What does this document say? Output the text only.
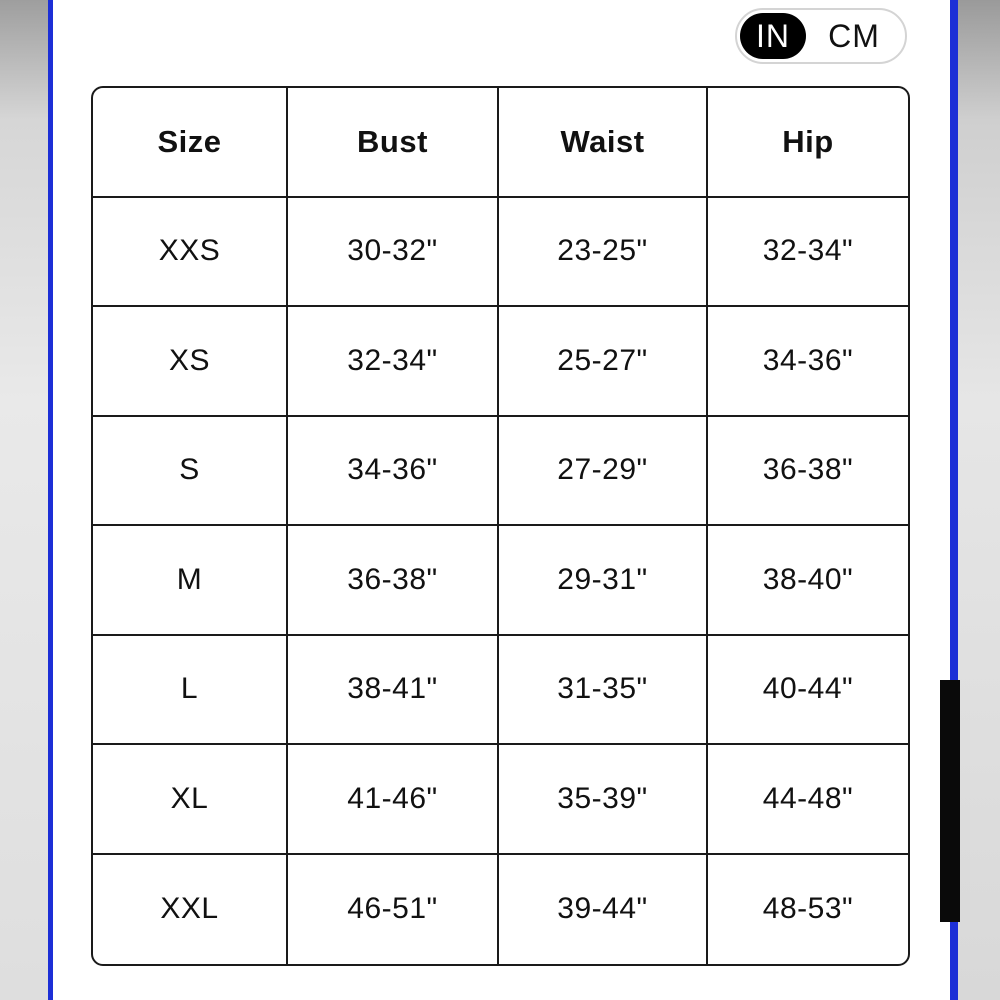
IN	CM
Size	Bust	Waist	Hip
XXS	30-32"	23-25"	32-34"
XS	32-34"	25-27"	34-36"
S	34-36"	27-29"	36-38"
M	36-38"	29-31"	38-40"
L	38-41"	31-35"	40-44"
XL	41-46"	35-39"	44-48"
XXL	46-51"	39-44"	48-53"
